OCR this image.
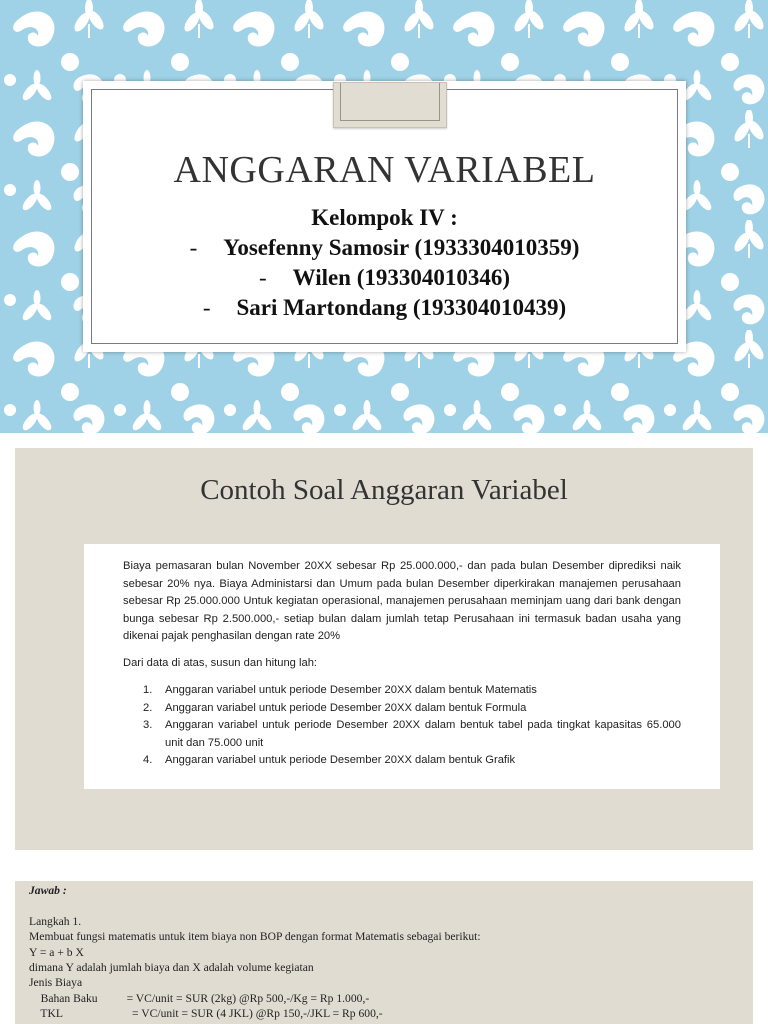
ANGGARAN VARIABEL
Kelompok IV :
- Yosefenny Samosir (1933304010359)
- Wilen (193304010346)
- Sari Martondang (193304010439)
Contoh Soal Anggaran Variabel
Biaya pemasaran bulan November 20XX sebesar Rp 25.000.000,- dan pada bulan Desember diprediksi naik sebesar 20% nya. Biaya Administarsi dan Umum pada bulan Desember diperkirakan manajemen perusahaan sebesar Rp 25.000.000 Untuk kegiatan operasional, manajemen perusahaan meminjam uang dari bank dengan bunga sebesar Rp 2.500.000,- setiap bulan dalam jumlah tetap Perusahaan ini termasuk badan usaha yang dikenai pajak penghasilan dengan rate 20%
Dari data di atas, susun dan hitung lah:
1.	Anggaran variabel untuk periode Desember 20XX dalam bentuk Matematis
2.	Anggaran variabel untuk periode Desember 20XX dalam bentuk Formula
3.	Anggaran variabel untuk periode Desember 20XX dalam bentuk tabel pada tingkat kapasitas 65.000 unit dan 75.000 unit
4.	Anggaran variabel untuk periode Desember 20XX dalam bentuk Grafik
Jawab :

Langkah 1.
Membuat fungsi matematis untuk item biaya non BOP dengan format Matematis sebagai berikut:
Y = a + b X
dimana Y adalah jumlah biaya dan X adalah volume kegiatan
Jenis Biaya
Bahan Baku          = VC/unit = SUR (2kg) @Rp 500,-/Kg = Rp 1.000,-
TKL                        = VC/unit = SUR (4 JKL) @Rp 150,-/JKL = Rp 600,-
